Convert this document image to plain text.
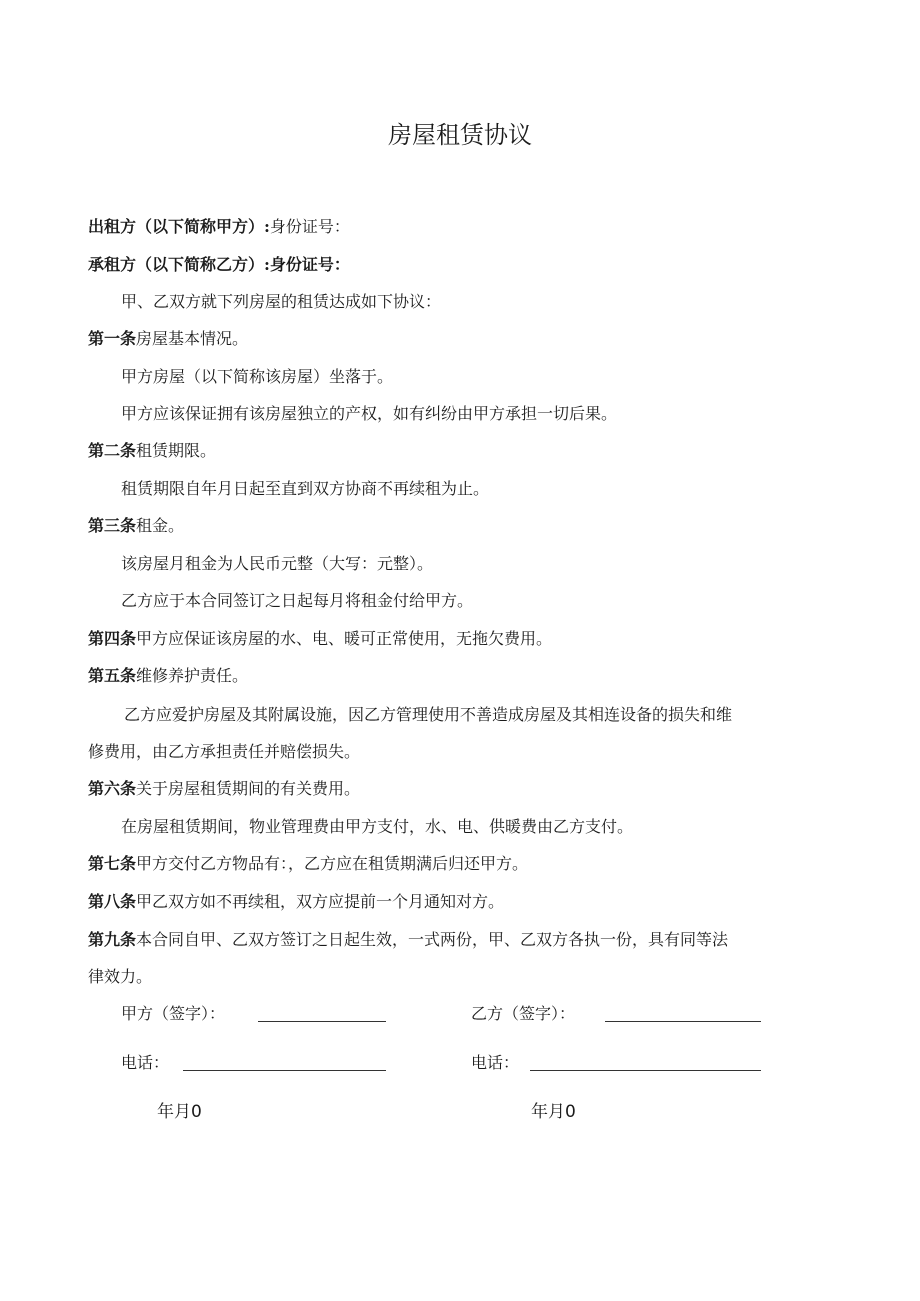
房屋租赁协议
出租方（以下简称甲方）:身份证号：
承租方（以下简称乙方）:身份证号：
甲、乙双方就下列房屋的租赁达成如下协议：
第一条房屋基本情况。
甲方房屋（以下简称该房屋）坐落于。
甲方应该保证拥有该房屋独立的产权，如有纠纷由甲方承担一切后果。
第二条租赁期限。
租赁期限自年月日起至直到双方协商不再续租为止。
第三条租金。
该房屋月租金为人民币元整（大写：元整）。
乙方应于本合同签订之日起每月将租金付给甲方。
第四条甲方应保证该房屋的水、电、暖可正常使用，无拖欠费用。
第五条维修养护责任。
乙方应爱护房屋及其附属设施，因乙方管理使用不善造成房屋及其相连设备的损失和维
修费用，由乙方承担责任并赔偿损失。
第六条关于房屋租赁期间的有关费用。
在房屋租赁期间，物业管理费由甲方支付，水、电、供暖费由乙方支付。
第七条甲方交付乙方物品有：，乙方应在租赁期满后归还甲方。
第八条甲乙双方如不再续租，双方应提前一个月通知对方。
第九条本合同自甲、乙双方签订之日起生效，一式两份，甲、乙双方各执一份，具有同等法
律效力。
甲方（签字）：	乙方（签字）：
电话：	电话：
年月0	年月0
